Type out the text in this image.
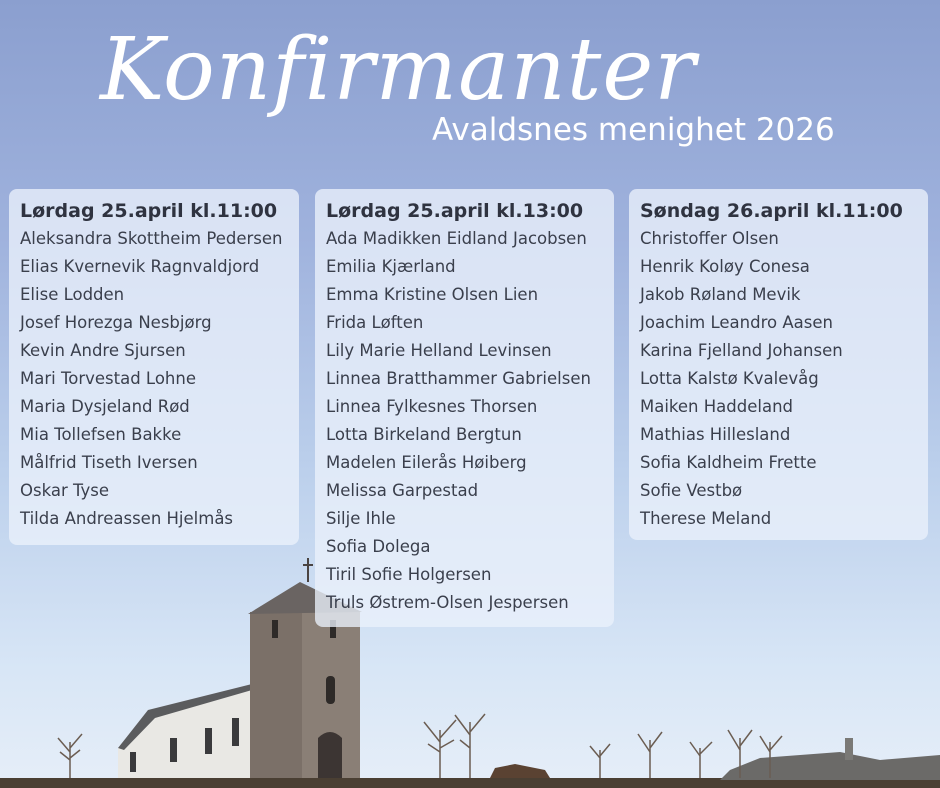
Konfirmanter
Avaldsnes menighet 2026
Lørdag 25.april kl.11:00
Aleksandra Skottheim Pedersen
Elias Kvernevik Ragnvaldjord
Elise Lodden
Josef Horezga Nesbjørg
Kevin Andre Sjursen
Mari Torvestad Lohne
Maria Dysjeland Rød
Mia Tollefsen Bakke
Målfrid Tiseth Iversen
Oskar Tyse
Tilda Andreassen Hjelmås
Lørdag 25.april kl.13:00
Ada Madikken Eidland Jacobsen
Emilia Kjærland
Emma Kristine Olsen Lien
Frida Løften
Lily Marie Helland Levinsen
Linnea Bratthammer Gabrielsen
Linnea Fylkesnes Thorsen
Lotta Birkeland Bergtun
Madelen Eilerås Høiberg
Melissa Garpestad
Silje Ihle
Sofia Dolega
Tiril Sofie Holgersen
Truls Østrem-Olsen Jespersen
Søndag 26.april kl.11:00
Christoffer Olsen
Henrik Koløy Conesa
Jakob Røland Mevik
Joachim Leandro Aasen
Karina Fjelland Johansen
Lotta Kalstø Kvalevåg
Maiken Haddeland
Mathias Hillesland
Sofia Kaldheim Frette
Sofie Vestbø
Therese Meland
